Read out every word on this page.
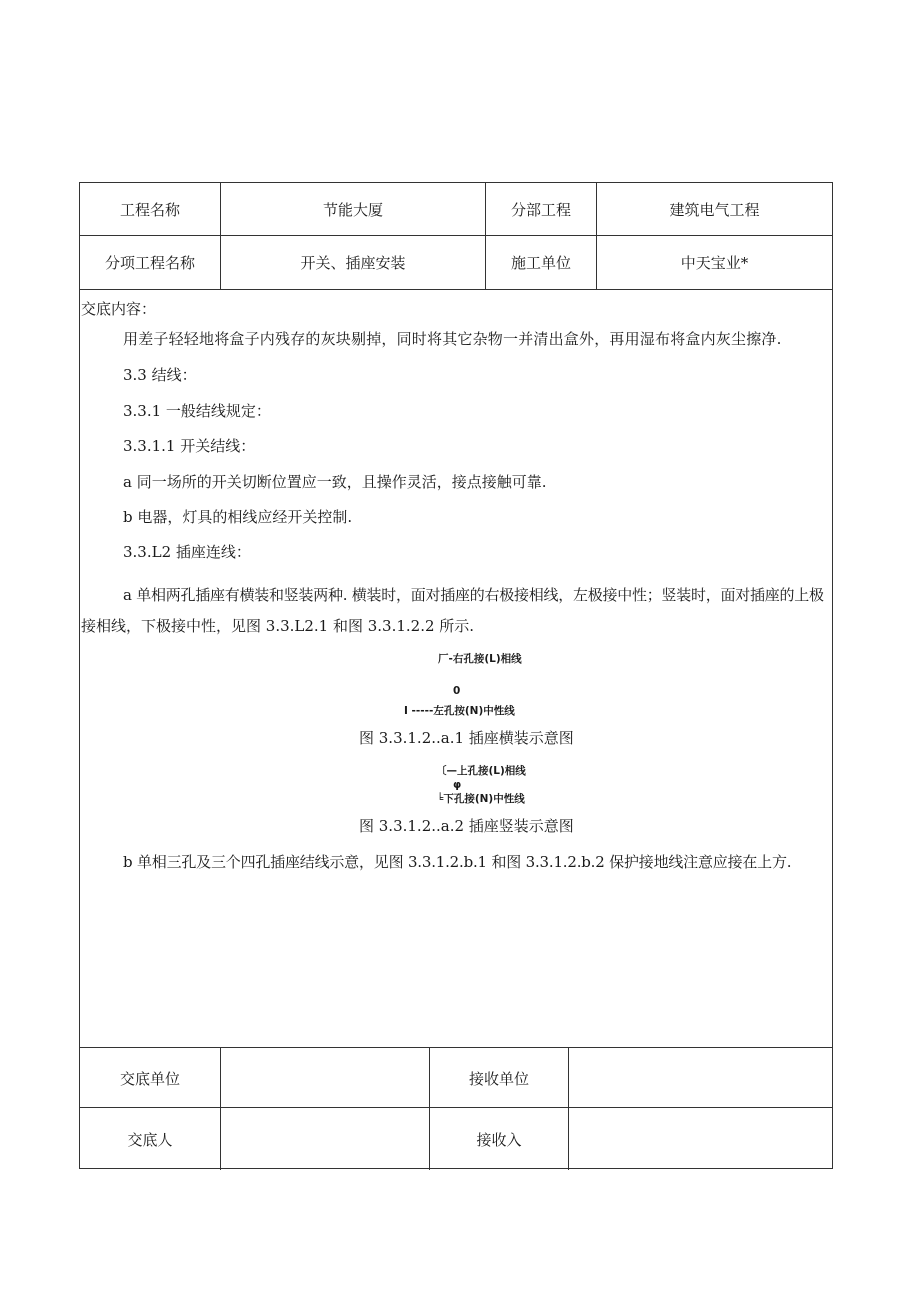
工程名称	节能大厦	分部工程	建筑电气工程
分项工程名称	开关、插座安装	施工单位	中天宝业*

交底内容：

用差子轻轻地将盒子内残存的灰块剔掉，同时将其它杂物一并清出盒外，再用湿布将盒内灰尘擦净.

3.3 结线：

3.3.1 一般结线规定：

3.3.1.1 开关结线：

a 同一场所的开关切断位置应一致，且操作灵活，接点接触可靠.

b 电器，灯具的相线应经开关控制.

3.3.L2 插座连线：

a 单相两孔插座有横装和竖装两种. 横装时，面对插座的右极接相线，左极接中性；竖装时，面对插座的上极

接相线，下极接中性，见图 3.3.L2.1 和图 3.3.1.2.2 所示.

厂-右孔接(L)相线
0
I -----左孔按(N)中性线
图 3.3.1.2..a.1 插座横装示意图
〔—上孔接(L)相线
φ
╘下孔接(N)中性线
图 3.3.1.2..a.2 插座竖装示意图

b 单相三孔及三个四孔插座结线示意，见图 3.3.1.2.b.1 和图 3.3.1.2.b.2 保护接地线注意应接在上方.

交底单位	接收单位
交底人	接收入
